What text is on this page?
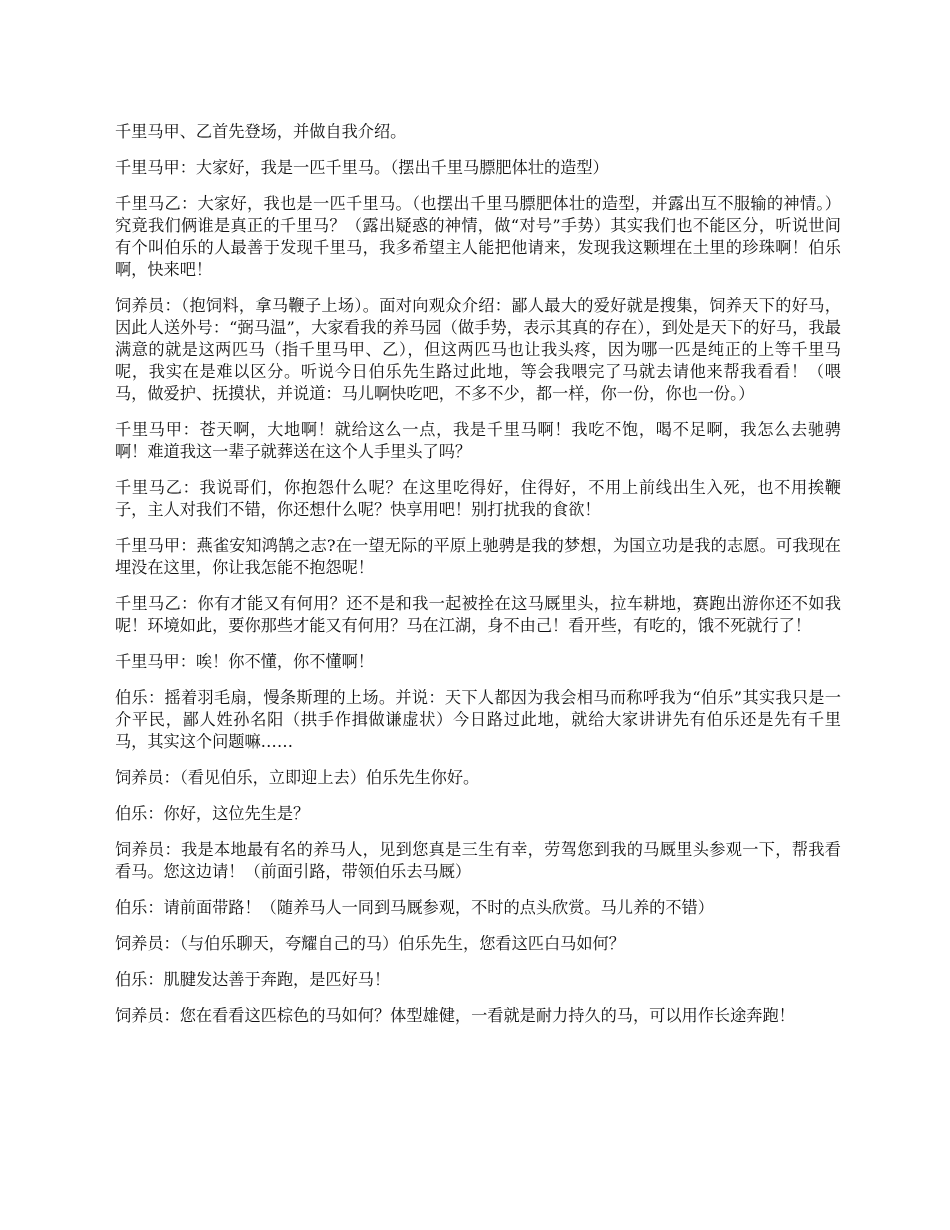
千里马甲、乙首先登场，并做自我介绍。

千里马甲：大家好，我是一匹千里马。（摆出千里马膘肥体壮的造型）

千里马乙：大家好，我也是一匹千里马。（也摆出千里马膘肥体壮的造型，并露出互不服输的神情。）究竟我们俩谁是真正的千里马？（露出疑惑的神情，做“对号”手势）其实我们也不能区分，听说世间有个叫伯乐的人最善于发现千里马，我多希望主人能把他请来，发现我这颗埋在土里的珍珠啊！伯乐啊，快来吧！

饲养员：（抱饲料，拿马鞭子上场）。面对向观众介绍：鄙人最大的爱好就是搜集，饲养天下的好马，因此人送外号：“弼马温”，大家看我的养马园（做手势，表示其真的存在），到处是天下的好马，我最满意的就是这两匹马（指千里马甲、乙），但这两匹马也让我头疼，因为哪一匹是纯正的上等千里马呢，我实在是难以区分。听说今日伯乐先生路过此地，等会我喂完了马就去请他来帮我看看！（喂马，做爱护、抚摸状，并说道：马儿啊快吃吧，不多不少，都一样，你一份，你也一份。）

千里马甲：苍天啊，大地啊！就给这么一点，我是千里马啊！我吃不饱，喝不足啊，我怎么去驰骋啊！难道我这一辈子就葬送在这个人手里头了吗？

千里马乙：我说哥们，你抱怨什么呢？在这里吃得好，住得好，不用上前线出生入死，也不用挨鞭子，主人对我们不错，你还想什么呢？快享用吧！别打扰我的食欲！

千里马甲：燕雀安知鸿鹄之志?在一望无际的平原上驰骋是我的梦想，为国立功是我的志愿。可我现在埋没在这里，你让我怎能不抱怨呢！

千里马乙：你有才能又有何用？还不是和我一起被拴在这马厩里头，拉车耕地，赛跑出游你还不如我呢！环境如此，要你那些才能又有何用？马在江湖，身不由己！看开些，有吃的，饿不死就行了！

千里马甲：唉！你不懂，你不懂啊！

伯乐：摇着羽毛扇，慢条斯理的上场。并说：天下人都因为我会相马而称呼我为“伯乐”其实我只是一介平民，鄙人姓孙名阳（拱手作揖做谦虚状）今日路过此地，就给大家讲讲先有伯乐还是先有千里马，其实这个问题嘛……

饲养员：（看见伯乐，立即迎上去）伯乐先生你好。

伯乐：你好，这位先生是？

饲养员：我是本地最有名的养马人，见到您真是三生有幸，劳驾您到我的马厩里头参观一下，帮我看看马。您这边请！（前面引路，带领伯乐去马厩）

伯乐：请前面带路！（随养马人一同到马厩参观，不时的点头欣赏。马儿养的不错）

饲养员：（与伯乐聊天，夸耀自己的马）伯乐先生，您看这匹白马如何？

伯乐：肌腱发达善于奔跑，是匹好马！

饲养员：您在看看这匹棕色的马如何？体型雄健，一看就是耐力持久的马，可以用作长途奔跑！
